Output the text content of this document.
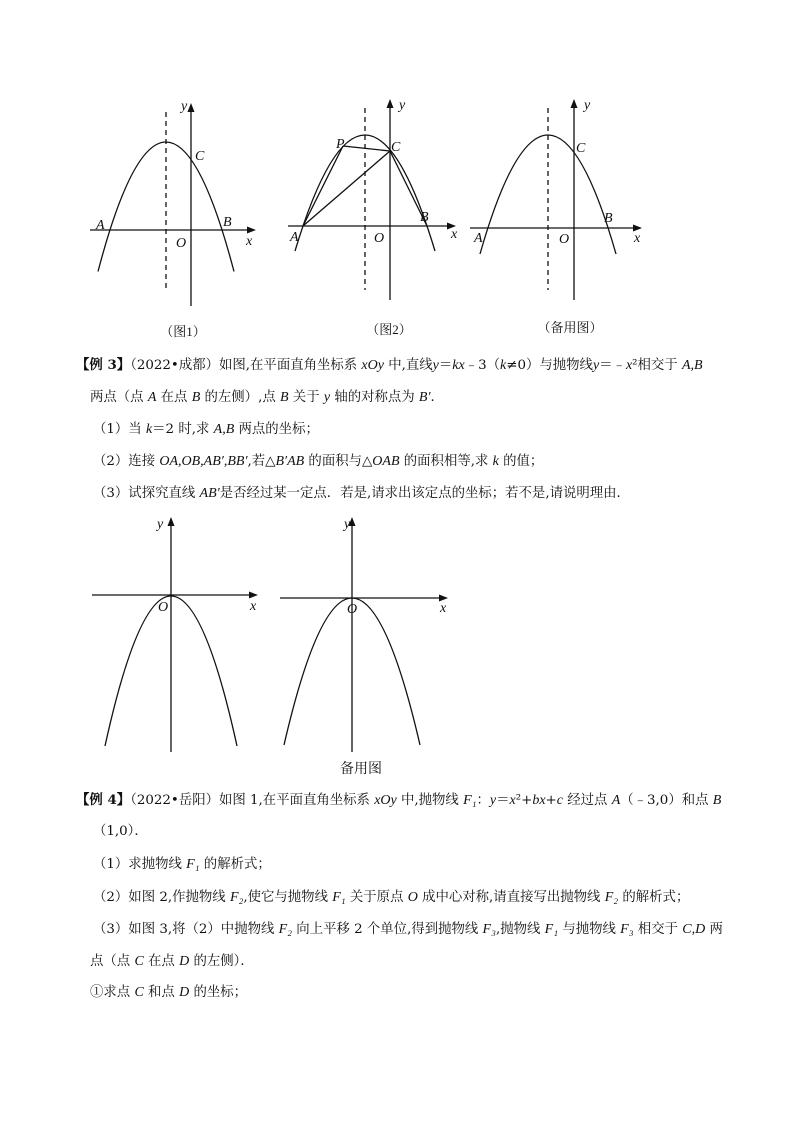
y
C
A	B
O	x
y
P	C
A
B
O	x
y
C
A
B
O	x
y
O	x
y
O	x
（图1）	（图2）	（备用图）
备用图
【例 3】（2022•成都）如图,在平面直角坐标系 xOy 中,直线y＝kx﹣3（k≠0）与抛物线y＝﹣x²相交于 A,B
两点（点 A 在点 B 的左侧）,点 B 关于 y 轴的对称点为 B′．
（1）当 k＝2 时,求 A,B 两点的坐标；
（2）连接 OA,OB,AB′,BB′,若△B′AB 的面积与△OAB 的面积相等,求 k 的值；
（3）试探究直线 AB′是否经过某一定点．若是,请求出该定点的坐标；若不是,请说明理由．
【例 4】（2022•岳阳）如图 1,在平面直角坐标系 xOy 中,抛物线 F₁：y＝x²+bx+c 经过点 A（﹣3,0）和点 B
（1,0）．
（1）求抛物线 F₁ 的解析式；
（2）如图 2,作抛物线 F₂,使它与抛物线 F₁ 关于原点 O 成中心对称,请直接写出抛物线 F₂ 的解析式；
（3）如图 3,将（2）中抛物线 F₂ 向上平移 2 个单位,得到抛物线 F₃,抛物线 F₁ 与抛物线 F₃ 相交于 C,D 两
点（点 C 在点 D 的左侧）．
①求点 C 和点 D 的坐标；
